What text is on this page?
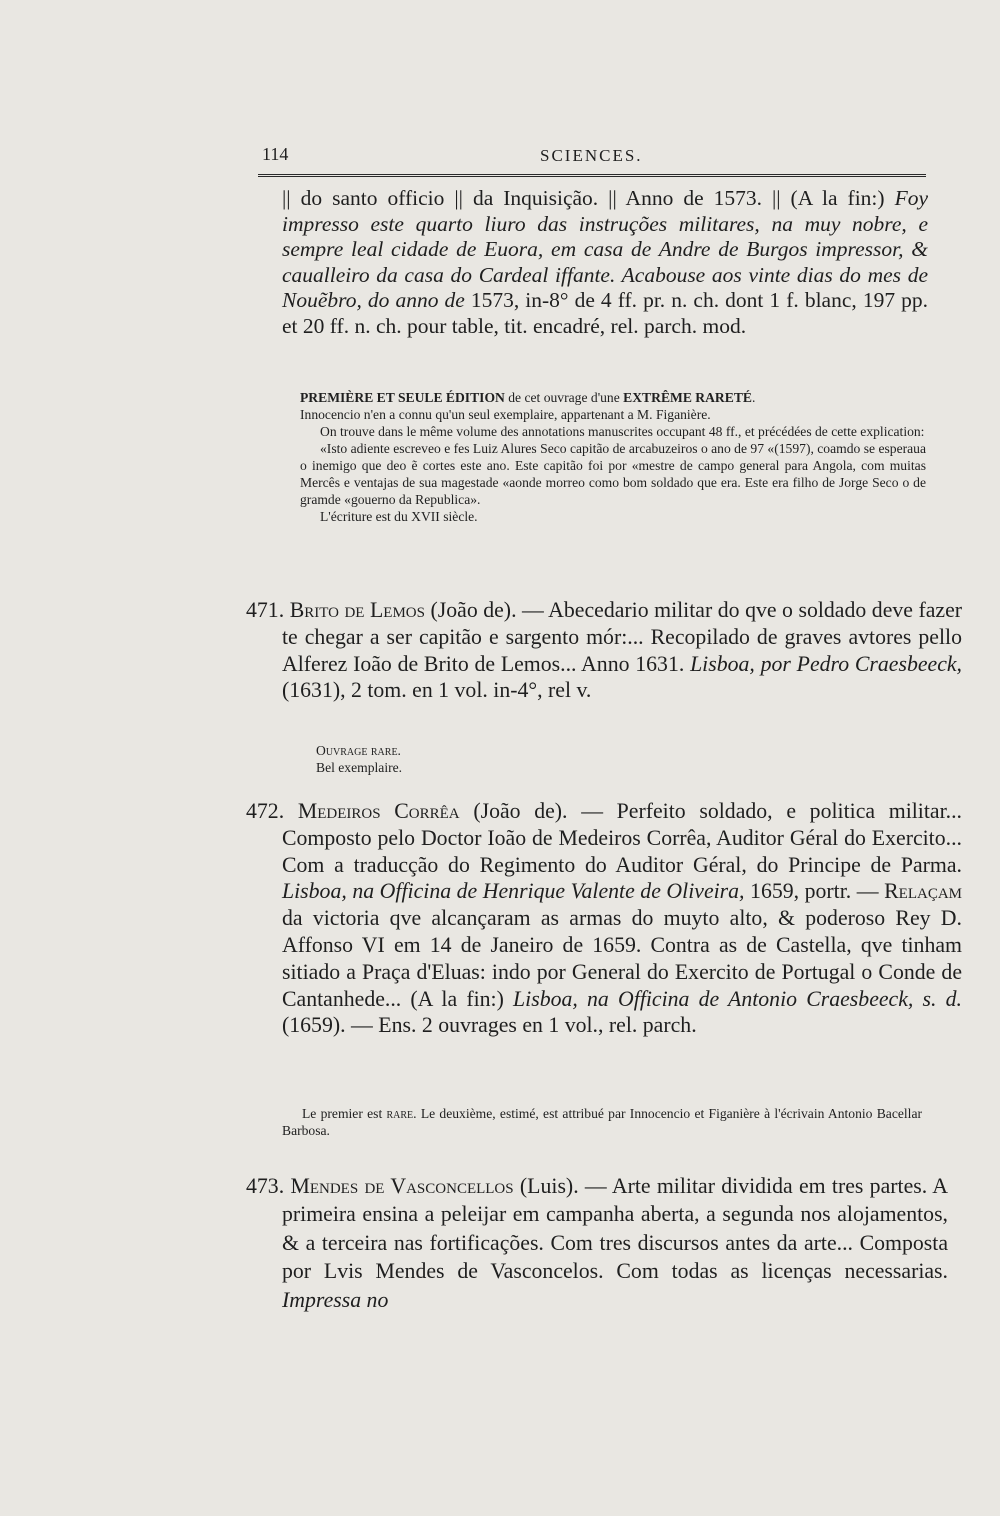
114	SCIENCES.
|| do santo officio || da Inquisição. || Anno de 1573. || (A la fin:) Foy impresso este quarto liuro das instruções militares, na muy nobre, e sempre leal cidade de Euora, em casa de Andre de Burgos impressor, & caualleiro da casa do Cardeal iffante. Acabouse aos vinte dias do mes de Nouẽbro, do anno de 1573, in-8° de 4 ff. pr. n. ch. dont 1 f. blanc, 197 pp. et 20 ff. n. ch. pour table, tit. encadré, rel. parch. mod.
PREMIÈRE ET SEULE ÉDITION de cet ouvrage d'une EXTRÊME RARETÉ.
Innocencio n'en a connu qu'un seul exemplaire, appartenant a M. Figanière.
On trouve dans le même volume des annotations manuscrites occupant 48 ff., et précédées de cette explication:
«Isto adiente escreveo e fes Luiz Alures Seco capitão de arcabuzeiros o ano de 97 «(1597), coamdo se esperaua o inemigo que deo ẽ cortes este ano. Este capitão foi por «mestre de campo general para Angola, com muitas Mercês e ventajas de sua magestade «aonde morreo como bom soldado que era. Este era filho de Jorge Seco o de gramde «gouerno da Republica».
L'écriture est du XVII siècle.
471. Brito de Lemos (João de). — Abecedario militar do qve o soldado deve fazer te chegar a ser capitão e sargento mór:... Recopilado de graves avtores pello Alferez Ioão de Brito de Lemos... Anno 1631. Lisboa, por Pedro Craesbeeck, (1631), 2 tom. en 1 vol. in-4°, rel v.
Ouvrage rare.
Bel exemplaire.
472. Medeiros Corrêa (João de). — Perfeito soldado, e politica militar... Composto pelo Doctor Ioão de Medeiros Corrêa, Auditor Géral do Exercito... Com a traducção do Regimento do Auditor Géral, do Principe de Parma. Lisboa, na Officina de Henrique Valente de Oliveira, 1659, portr. — Relaçam da victoria qve alcançaram as armas do muyto alto, & poderoso Rey D. Affonso VI em 14 de Janeiro de 1659. Contra as de Castella, qve tinham sitiado a Praça d'Eluas: indo por General do Exercito de Portugal o Conde de Cantanhede... (A la fin:) Lisboa, na Officina de Antonio Craesbeeck, s. d. (1659). — Ens. 2 ouvrages en 1 vol., rel. parch.
Le premier est rare. Le deuxième, estimé, est attribué par Innocencio et Figanière à l'écrivain Antonio Bacellar Barbosa.
473. Mendes de Vasconcellos (Luis). — Arte militar dividida em tres partes. A primeira ensina a peleijar em campanha aberta, a segunda nos alojamentos, & a terceira nas fortificações. Com tres discursos antes da arte... Composta por Lvis Mendes de Vasconcelos. Com todas as licenças necessarias. Impressa no
